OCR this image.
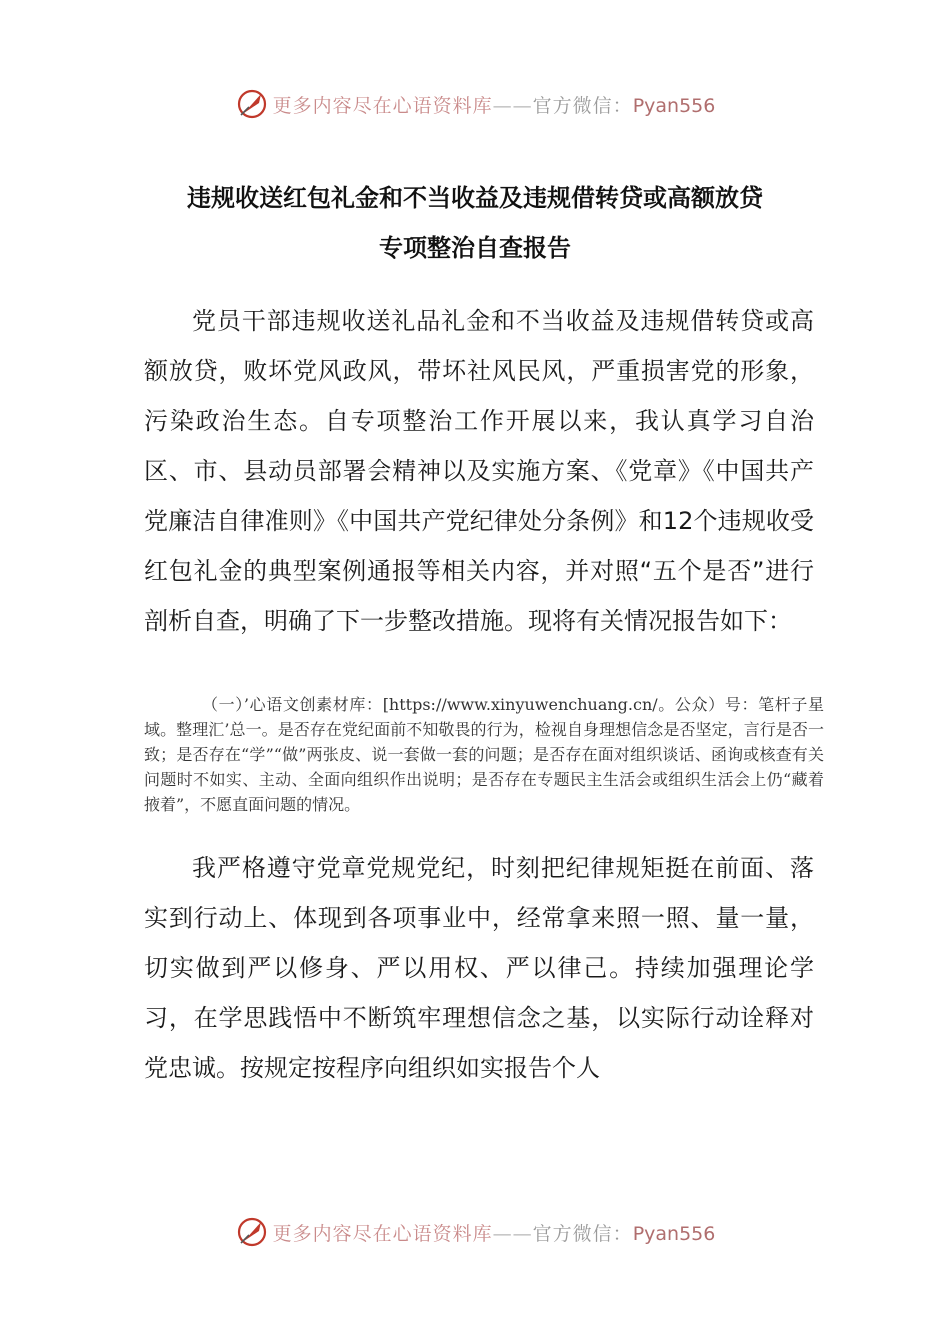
更多内容尽在心语资料库——官方微信：Pyan556
违规收送红包礼金和不当收益及违规借转贷或高额放贷
专项整治自查报告

党员干部违规收送礼品礼金和不当收益及违规借转贷或高额放贷，败坏党风政风，带坏社风民风，严重损害党的形象，污染政治生态。自专项整治工作开展以来，我认真学习自治区、市、县动员部署会精神以及实施方案、《党章》《中国共产党廉洁自律准则》《中国共产党纪律处分条例》和12个违规收受红包礼金的典型案例通报等相关内容，并对照“五个是否”进行剖析自查，明确了下一步整改措施。现将有关情况报告如下：

（一）’心语文创素材库：[https://www.xinyuwenchuang.cn/。公众）号：笔杆子星域。整理汇’总一。是否存在党纪面前不知敬畏的行为，检视自身理想信念是否坚定，言行是否一致；是否存在“学”“做”两张皮、说一套做一套的问题；是否存在面对组织谈话、函询或核查有关问题时不如实、主动、全面向组织作出说明；是否存在专题民主生活会或组织生活会上仍“藏着掖着”，不愿直面问题的情况。

我严格遵守党章党规党纪，时刻把纪律规矩挺在前面、落实到行动上、体现到各项事业中，经常拿来照一照、量一量，切实做到严以修身、严以用权、严以律己。持续加强理论学习，在学思践悟中不断筑牢理想信念之基，以实际行动诠释对党忠诚。按规定按程序向组织如实报告个人

更多内容尽在心语资料库——官方微信：Pyan556
